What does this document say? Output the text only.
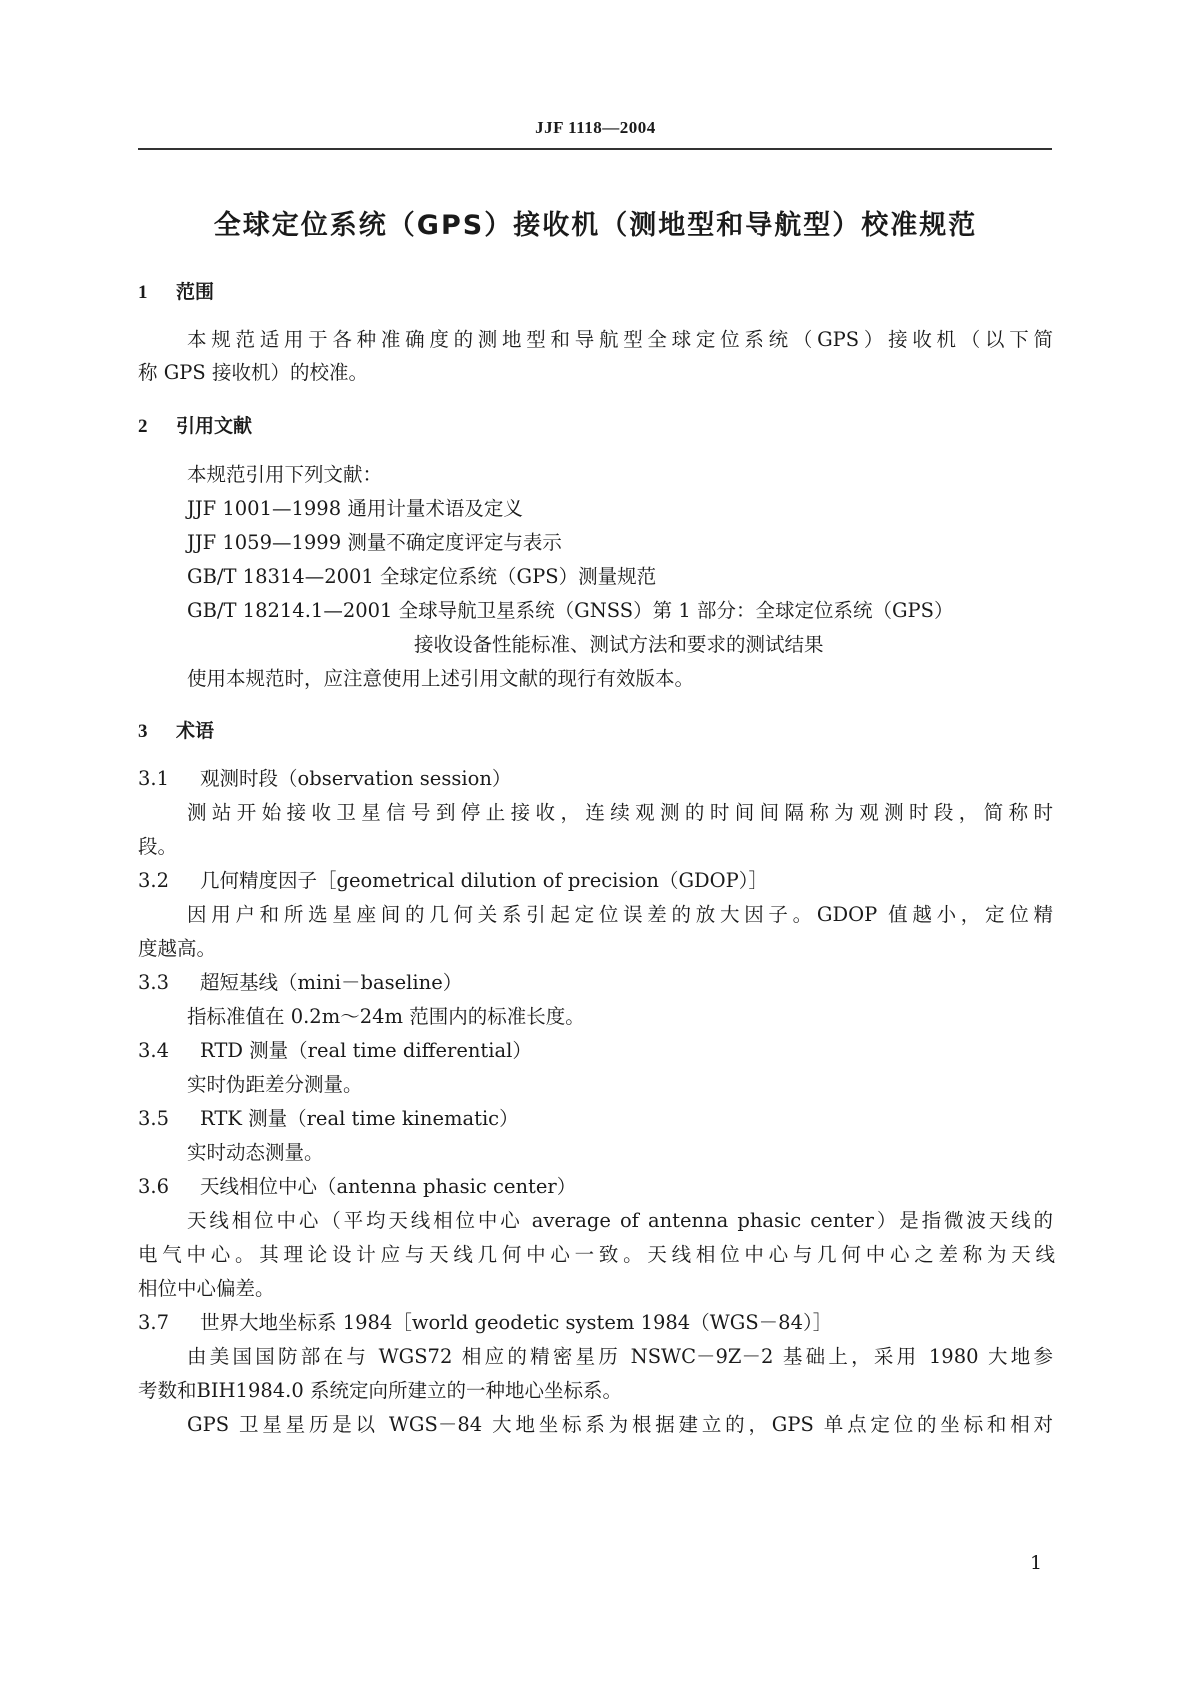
JJF 1118—2004
全球定位系统（GPS）接收机（测地型和导航型）校准规范
1 范围
本规范适用于各种准确度的测地型和导航型全球定位系统（GPS）接收机（以下简
称 GPS 接收机）的校准。
2 引用文献
本规范引用下列文献：
JJF 1001—1998 通用计量术语及定义
JJF 1059—1999 测量不确定度评定与表示
GB/T 18314—2001 全球定位系统（GPS）测量规范
GB/T 18214.1—2001 全球导航卫星系统（GNSS）第 1 部分：全球定位系统（GPS）
接收设备性能标准、测试方法和要求的测试结果
使用本规范时，应注意使用上述引用文献的现行有效版本。
3 术语
3.1 观测时段（observation session）
测站开始接收卫星信号到停止接收，连续观测的时间间隔称为观测时段，简称时
段。
3.2 几何精度因子［geometrical dilution of precision（GDOP）］
因用户和所选星座间的几何关系引起定位误差的放大因子。GDOP 值越小，定位精
度越高。
3.3 超短基线（mini－baseline）
指标准值在 0.2m～24m 范围内的标准长度。
3.4 RTD 测量（real time differential）
实时伪距差分测量。
3.5 RTK 测量（real time kinematic）
实时动态测量。
3.6 天线相位中心（antenna phasic center）
天线相位中心（平均天线相位中心 average of antenna phasic center）是指微波天线的
电气中心。其理论设计应与天线几何中心一致。天线相位中心与几何中心之差称为天线
相位中心偏差。
3.7 世界大地坐标系 1984［world geodetic system 1984（WGS－84）］
由美国国防部在与 WGS72 相应的精密星历 NSWC－9Z－2 基础上，采用 1980 大地参
考数和BIH1984.0 系统定向所建立的一种地心坐标系。
GPS 卫星星历是以 WGS－84 大地坐标系为根据建立的，GPS 单点定位的坐标和相对
1
